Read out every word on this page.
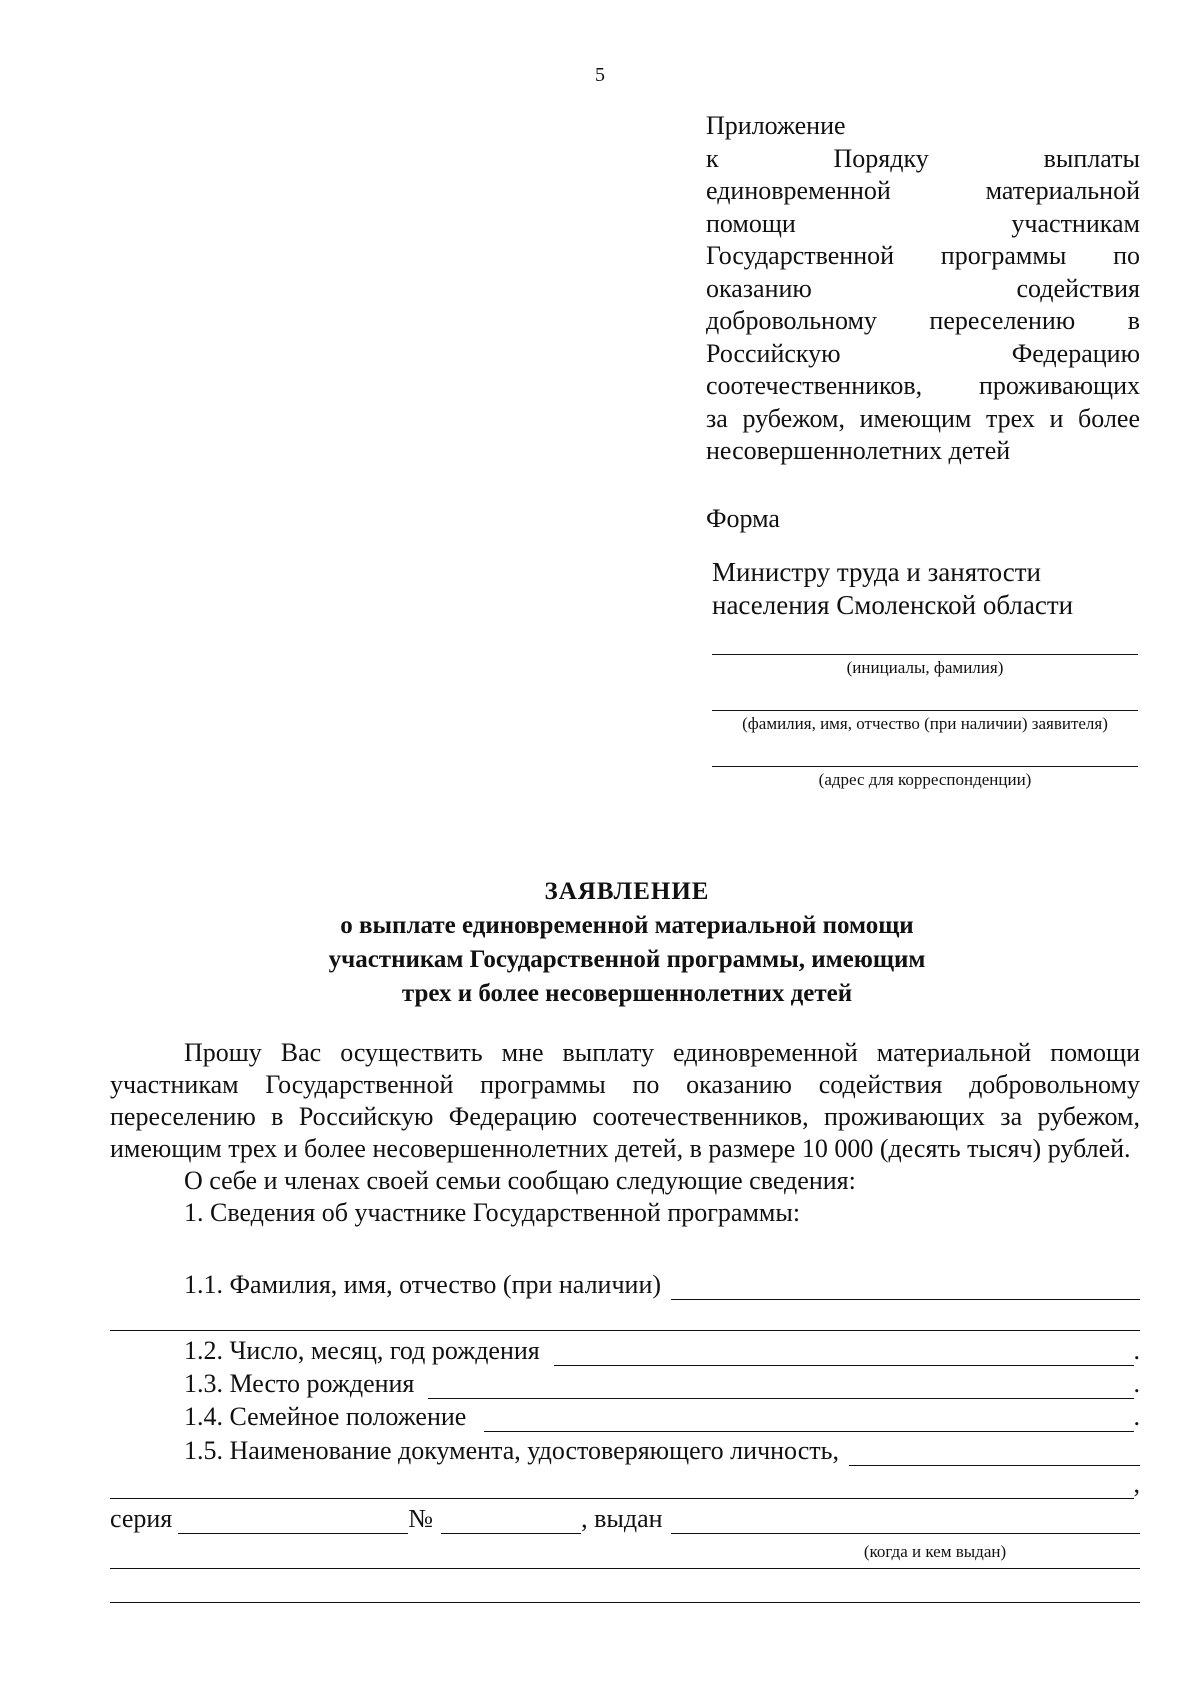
5
Приложение
к Порядку выплаты
единовременной материальной
помощи участникам
Государственной программы по
оказанию содействия
добровольному переселению в
Российскую Федерацию
соотечественников, проживающих
за рубежом, имеющим трех и более
несовершеннолетних детей
Форма
Министру труда и занятости
населения Смоленской области
(инициалы, фамилия)
(фамилия, имя, отчество (при наличии) заявителя)
(адрес для корреспонденции)
ЗАЯВЛЕНИЕ
о выплате единовременной материальной помощи
участникам Государственной программы, имеющим
трех и более несовершеннолетних детей

Прошу Вас осуществить мне выплату единовременной материальной помощи участникам Государственной программы по оказанию содействия добровольному переселению в Российскую Федерацию соотечественников, проживающих за рубежом, имеющим трех и более несовершеннолетних детей, в размере 10 000 (десять тысяч) рублей.

О себе и членах своей семьи сообщаю следующие сведения:
1. Сведения об участнике Государственной программы:
1.1. Фамилия, имя, отчество (при наличии)
1.2. Число, месяц, год рождения	.
1.3. Место рождения	.
1.4. Семейное положение	.
1.5. Наименование документа, удостоверяющего личность,
,
серия	№	, выдан
(когда и кем выдан)
